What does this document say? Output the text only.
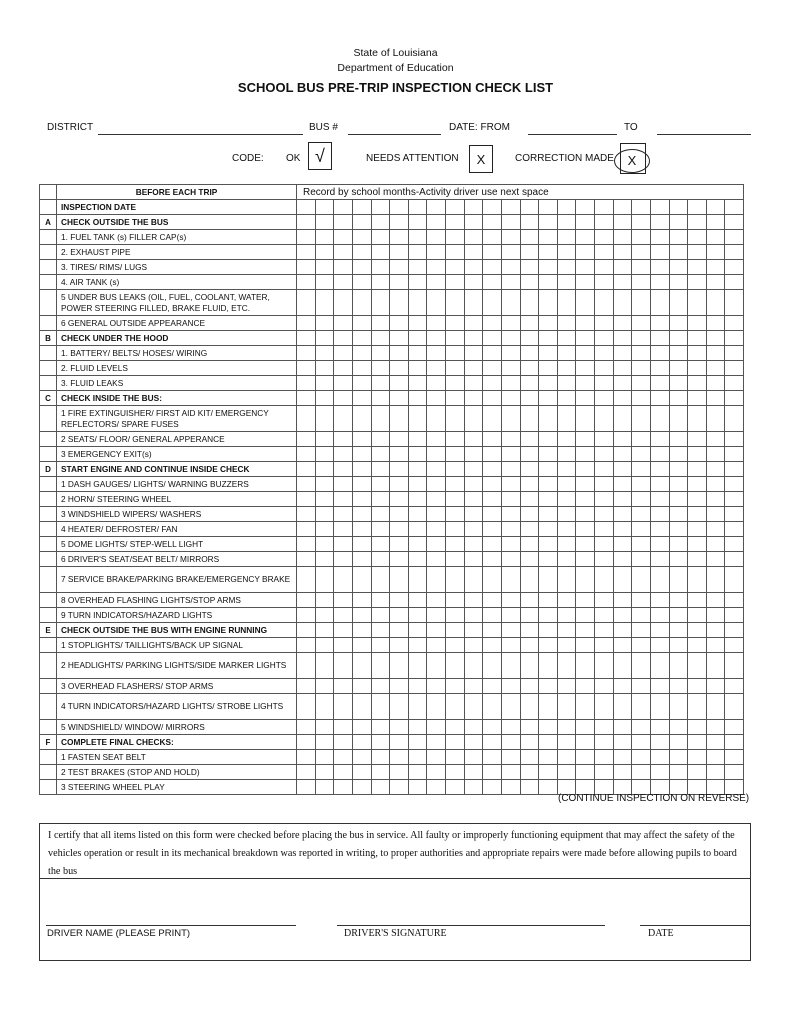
State of Louisiana
Department of Education
SCHOOL BUS PRE-TRIP INSPECTION CHECK LIST
DISTRICT	BUS #	DATE: FROM	TO
CODE: OK √	NEEDS ATTENTION	X	CORRECTION MADE	X
	BEFORE EACH TRIP	Record by school months-Activity driver use next space																							
	INSPECTION DATE																								
A	CHECK OUTSIDE THE BUS																								
	1. FUEL TANK (s) FILLER CAP(s)																								
	2. EXHAUST PIPE																								
	3. TIRES/ RIMS/ LUGS																								
	4. AIR TANK (s)																								
	5 UNDER BUS LEAKS (OIL, FUEL, COOLANT, WATER, POWER STEERING FILLED, BRAKE FLUID, ETC.																								
	6 GENERAL OUTSIDE APPEARANCE																								
B	CHECK UNDER THE HOOD																								
	1. BATTERY/ BELTS/ HOSES/ WIRING																								
	2. FLUID LEVELS																								
	3. FLUID LEAKS																								
C	CHECK INSIDE THE BUS:																								
	1 FIRE EXTINGUISHER/ FIRST AID KIT/ EMERGENCY REFLECTORS/ SPARE FUSES																								
	2 SEATS/ FLOOR/ GENERAL APPERANCE																								
	3 EMERGENCY EXIT(s)																								
D	START ENGINE AND CONTINUE INSIDE CHECK																								
	1 DASH GAUGES/ LIGHTS/ WARNING BUZZERS																								
	2 HORN/ STEERING WHEEL																								
	3 WINDSHIELD WIPERS/ WASHERS																								
	4 HEATER/ DEFROSTER/ FAN																								
	5 DOME LIGHTS/ STEP-WELL LIGHT																								
	6 DRIVER'S SEAT/SEAT BELT/ MIRRORS																								
	7 SERVICE BRAKE/PARKING BRAKE/EMERGENCY BRAKE																								
	8 OVERHEAD FLASHING LIGHTS/STOP ARMS																								
	9 TURN INDICATORS/HAZARD LIGHTS																								
E	CHECK OUTSIDE THE BUS WITH ENGINE RUNNING																								
	1 STOPLIGHTS/ TAILLIGHTS/BACK UP SIGNAL																								
	2 HEADLIGHTS/ PARKING LIGHTS/SIDE MARKER LIGHTS																								
	3 OVERHEAD FLASHERS/ STOP ARMS																								
	4 TURN INDICATORS/HAZARD LIGHTS/ STROBE LIGHTS																								
	5 WINDSHIELD/ WINDOW/ MIRRORS																								
F	COMPLETE FINAL CHECKS:																								
	1 FASTEN SEAT BELT																								
	2 TEST BRAKES (STOP AND HOLD)																								
	3 STEERING WHEEL PLAY																								
(CONTINUE INSPECTION ON REVERSE)
I certify that all items listed on this form were checked before placing the bus in service. All faulty or improperly functioning equipment that may affect the safety of the vehicles operation or result in its mechanical breakdown was reported in writing, to proper authorities and appropriate repairs were made before allowing pupils to board the bus
DRIVER NAME (PLEASE PRINT)	DRIVER'S SIGNATURE	DATE
